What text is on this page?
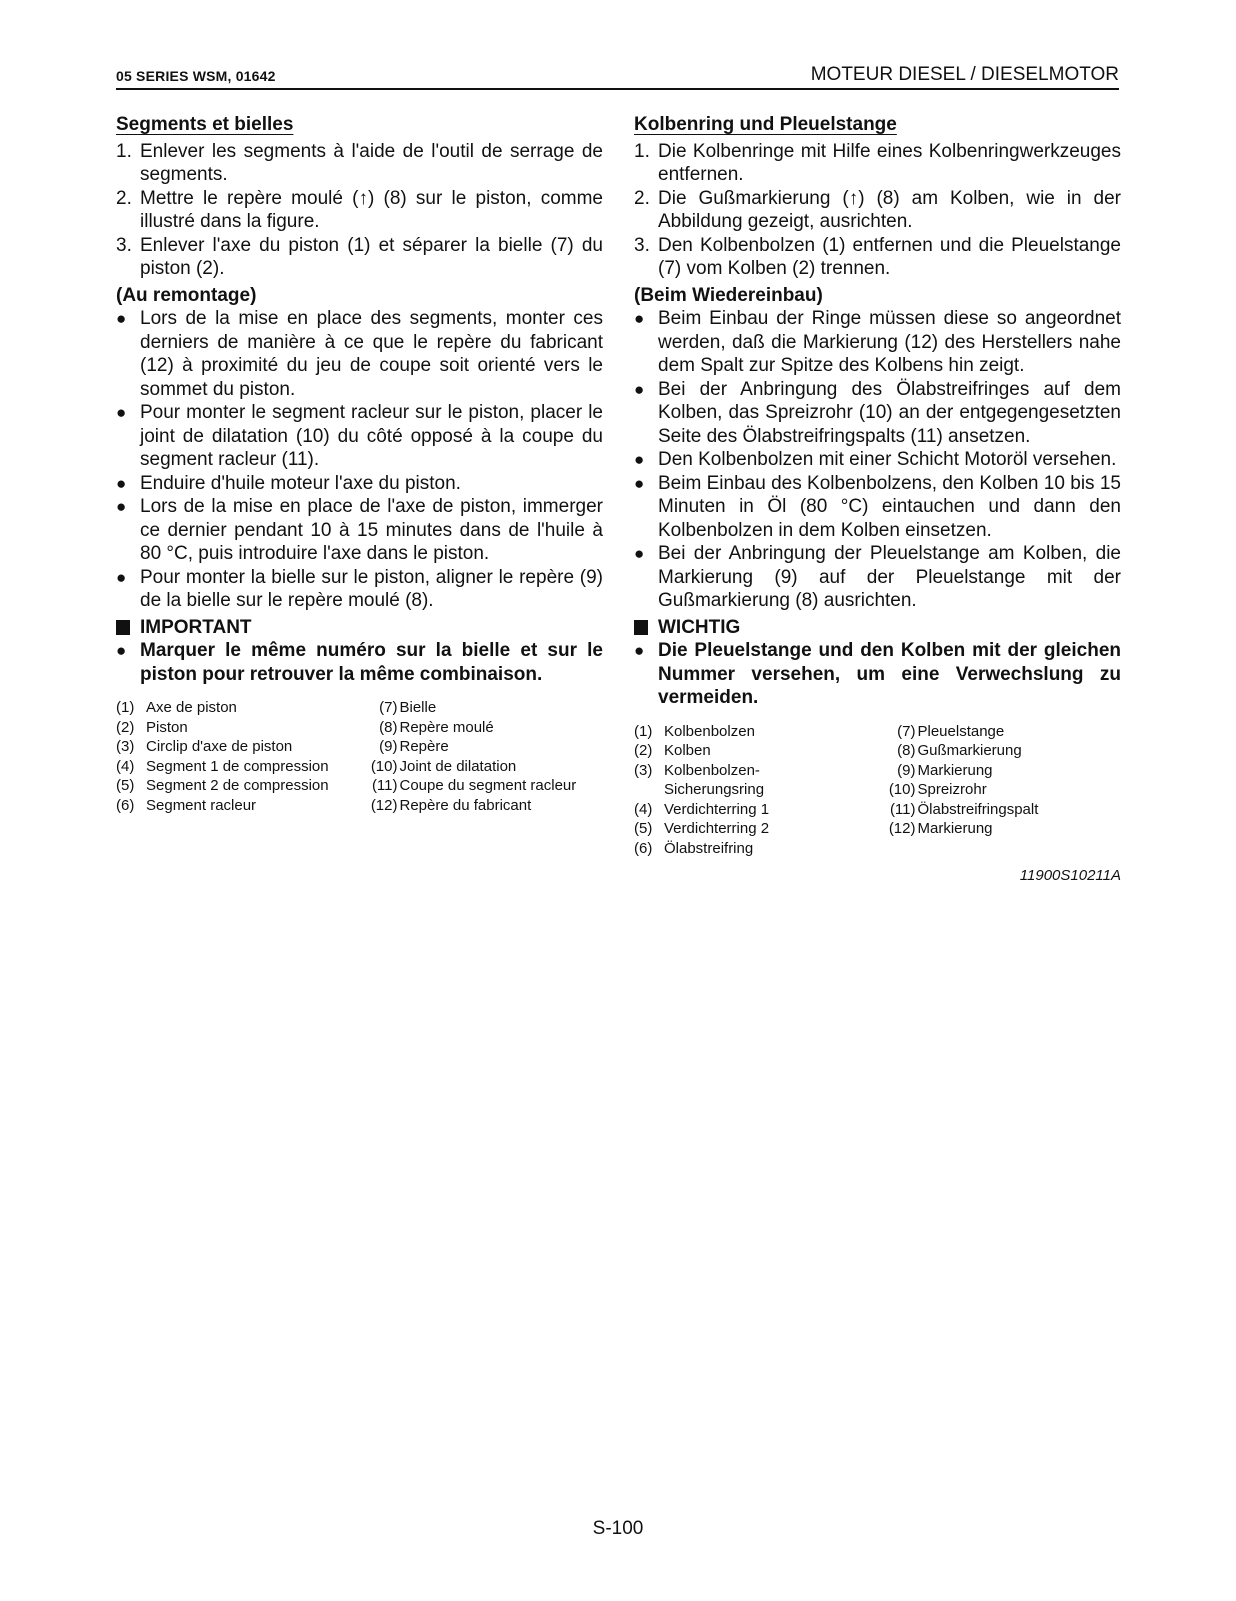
05 SERIES WSM, 01642	MOTEUR DIESEL / DIESELMOTOR
Segments et bielles
1. Enlever les segments à l'aide de l'outil de serrage de segments.
2. Mettre le repère moulé (↑) (8) sur le piston, comme illustré dans la figure.
3. Enlever l'axe du piston (1) et séparer la bielle (7) du piston (2).
(Au remontage)
● Lors de la mise en place des segments, monter ces derniers de manière à ce que le repère du fabricant (12) à proximité du jeu de coupe soit orienté vers le sommet du piston.
● Pour monter le segment racleur sur le piston, placer le joint de dilatation (10) du côté opposé à la coupe du segment racleur (11).
● Enduire d'huile moteur l'axe du piston.
● Lors de la mise en place de l'axe de piston, immerger ce dernier pendant 10 à 15 minutes dans de l'huile à 80 °C, puis introduire l'axe dans le piston.
● Pour monter la bielle sur le piston, aligner le repère (9) de la bielle sur le repère moulé (8).
IMPORTANT
● Marquer le même numéro sur la bielle et sur le piston pour retrouver la même combinaison.
(1) Axe de piston
(2) Piston
(3) Circlip d'axe de piston
(4) Segment 1 de compression
(5) Segment 2 de compression
(6) Segment racleur
(7) Bielle
(8) Repère moulé
(9) Repère
(10) Joint de dilatation
(11) Coupe du segment racleur
(12) Repère du fabricant
Kolbenring und Pleuelstange
1. Die Kolbenringe mit Hilfe eines Kolbenringwerkzeuges entfernen.
2. Die Gußmarkierung (↑) (8) am Kolben, wie in der Abbildung gezeigt, ausrichten.
3. Den Kolbenbolzen (1) entfernen und die Pleuelstange (7) vom Kolben (2) trennen.
(Beim Wiedereinbau)
● Beim Einbau der Ringe müssen diese so angeordnet werden, daß die Markierung (12) des Herstellers nahe dem Spalt zur Spitze des Kolbens hin zeigt.
● Bei der Anbringung des Ölabstreifringes auf dem Kolben, das Spreizrohr (10) an der entgegengesetzten Seite des Ölabstreifringspalts (11) ansetzen.
● Den Kolbenbolzen mit einer Schicht Motoröl versehen.
● Beim Einbau des Kolbenbolzens, den Kolben 10 bis 15 Minuten in Öl (80 °C) eintauchen und dann den Kolbenbolzen in dem Kolben einsetzen.
● Bei der Anbringung der Pleuelstange am Kolben, die Markierung (9) auf der Pleuelstange mit der Gußmarkierung (8) ausrichten.
WICHTIG
● Die Pleuelstange und den Kolben mit der gleichen Nummer versehen, um eine Verwechslung zu vermeiden.
(1) Kolbenbolzen
(2) Kolben
(3) Kolbenbolzen-Sicherungsring
(4) Verdichterring 1
(5) Verdichterring 2
(6) Ölabstreifring
(7) Pleuelstange
(8) Gußmarkierung
(9) Markierung
(10) Spreizrohr
(11) Ölabstreifringspalt
(12) Markierung
11900S10211A
S-100
